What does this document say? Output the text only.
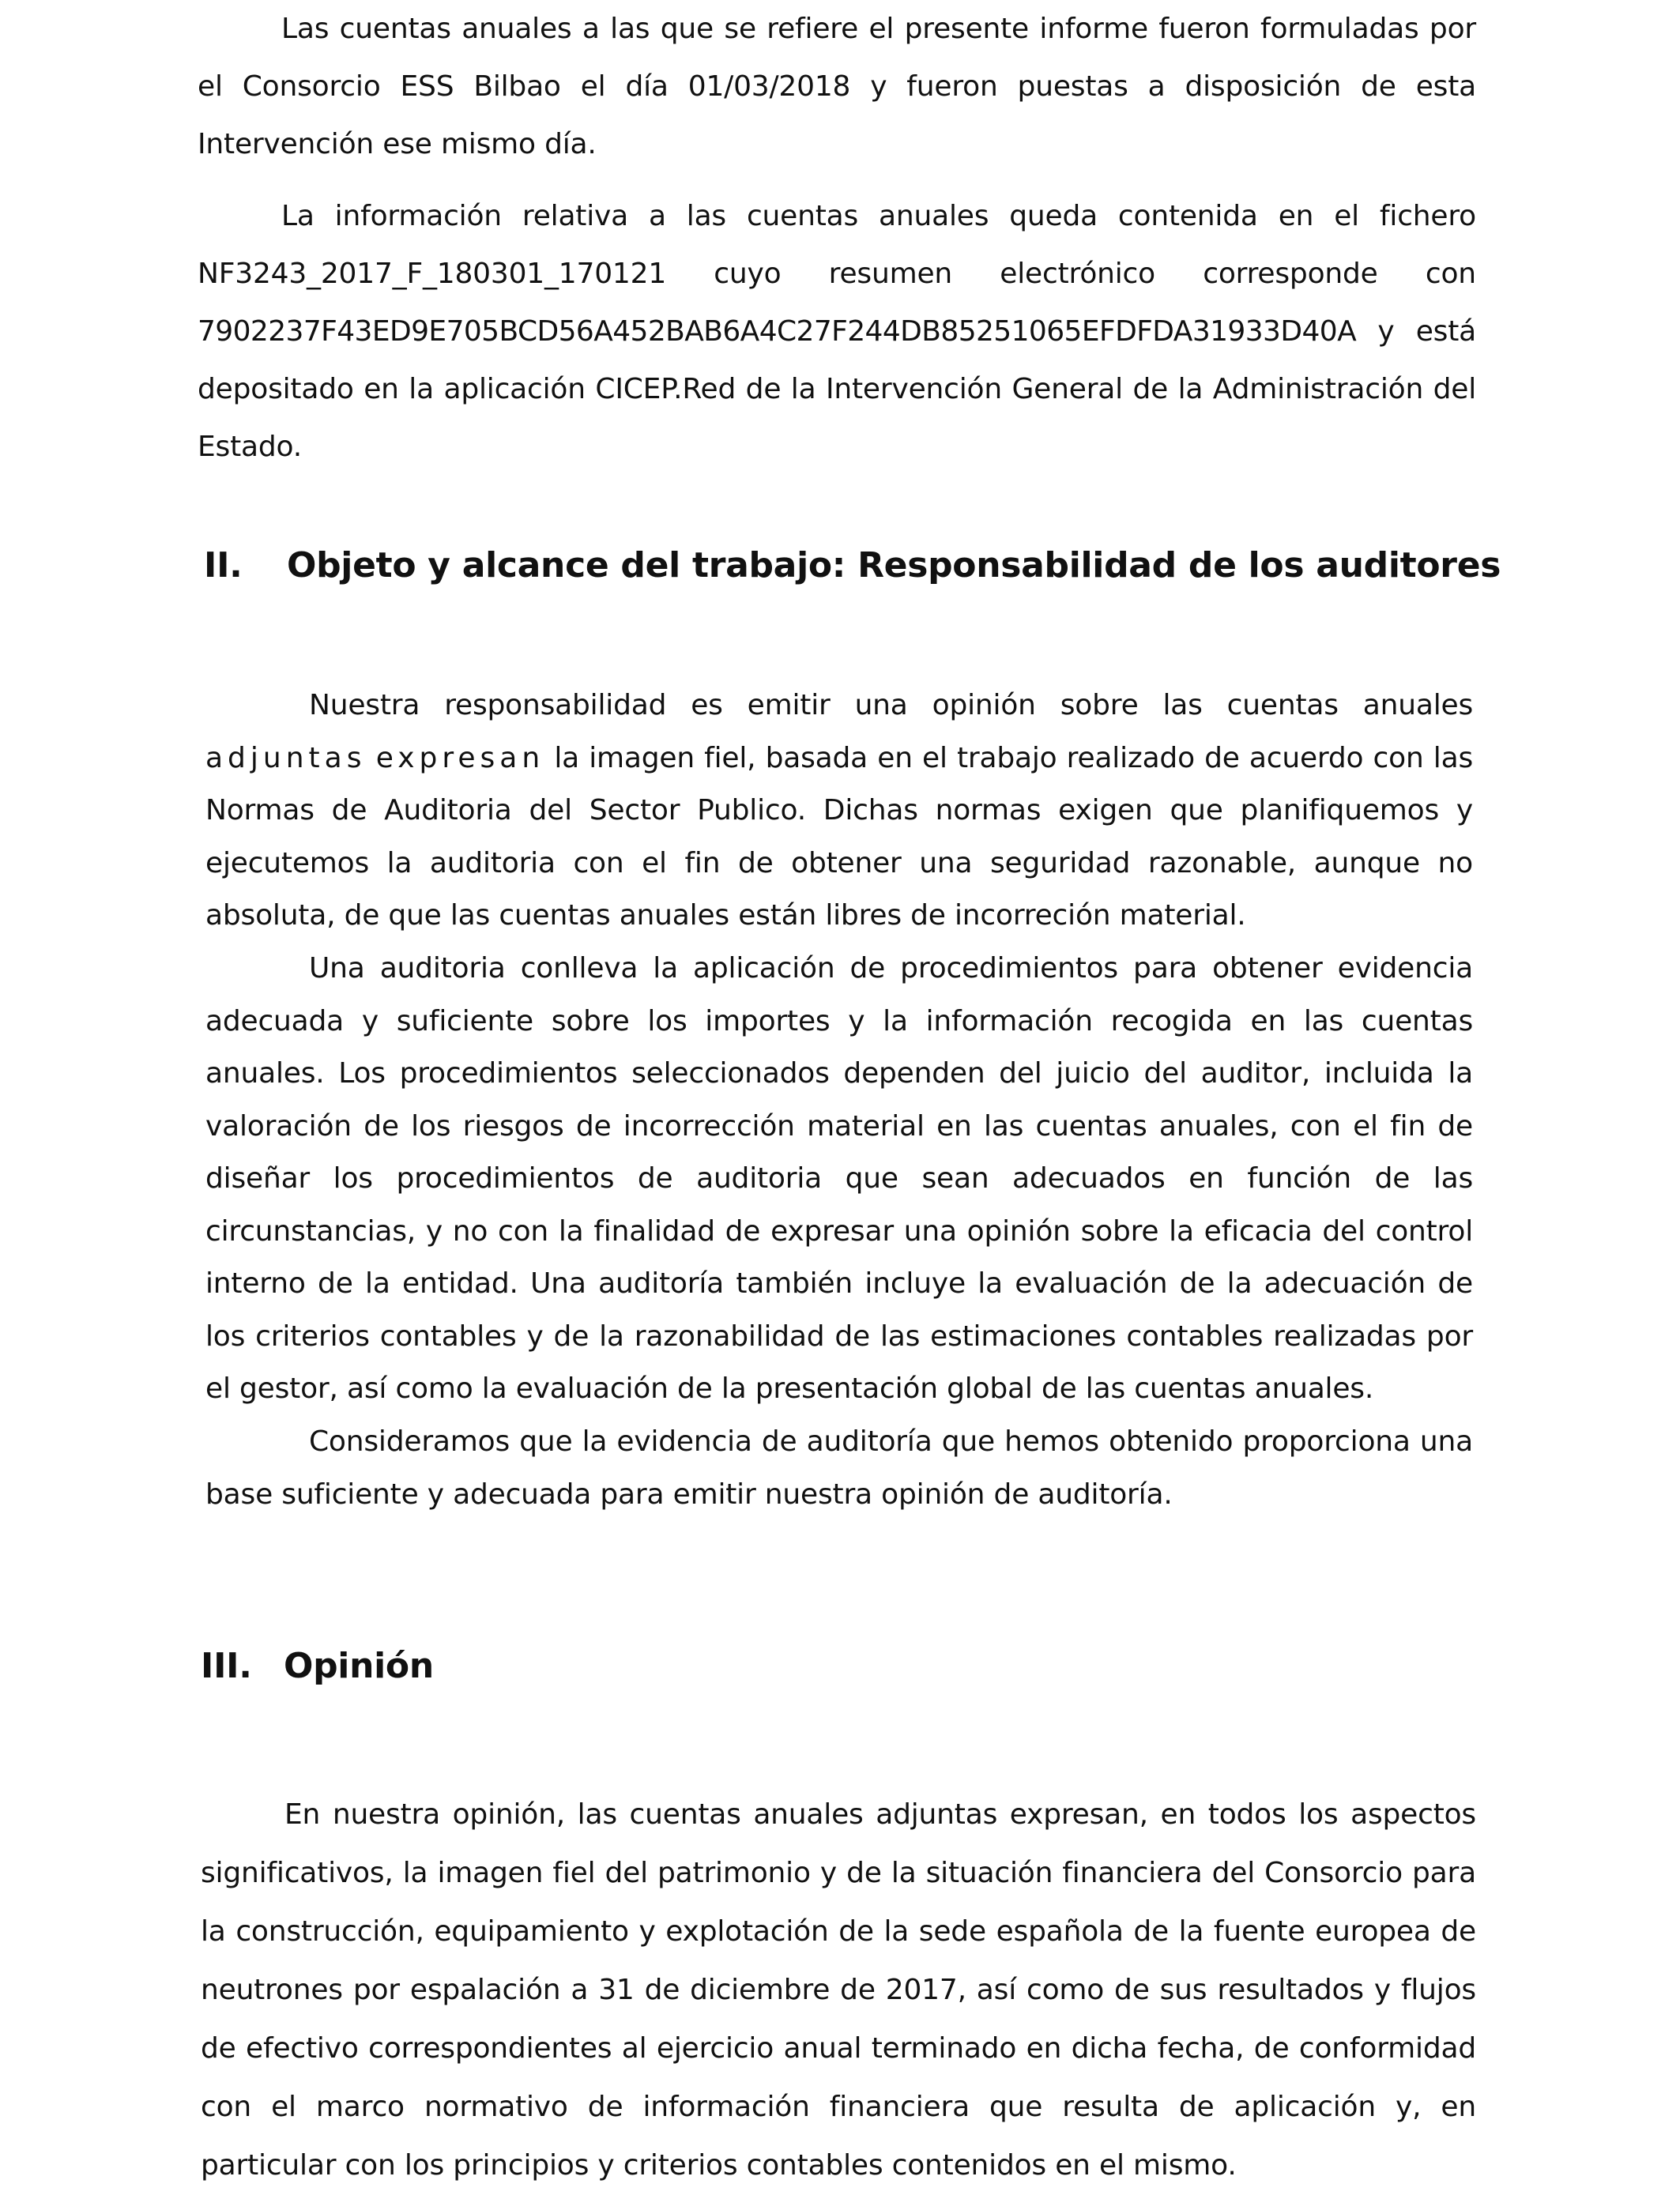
Las cuentas anuales a las que se refiere el presente informe fueron formuladas por el Consorcio ESS Bilbao el día 01/03/2018 y fueron puestas a disposición de esta Intervención ese mismo día.

La información relativa a las cuentas anuales queda contenida en el fichero
NF3243_2017_F_180301_170121 cuyo resumen electrónico corresponde con
7902237F43ED9E705BCD56A452BAB6A4C27F244DB85251065EFDFDA31933D40A y está
depositado en la aplicación CICEP.Red de la Intervención General de la Administración del Estado.
II. Objeto y alcance del trabajo: Responsabilidad de los auditores

Nuestra responsabilidad es emitir una opinión sobre las cuentas anuales adjuntas expresan la imagen fiel, basada en el trabajo realizado de acuerdo con las Normas de Auditoria del Sector Publico. Dichas normas exigen que planifiquemos y ejecutemos la auditoria con el fin de obtener una seguridad razonable, aunque no absoluta, de que las cuentas anuales están libres de incorreción material.

Una auditoria conlleva la aplicación de procedimientos para obtener evidencia adecuada y suficiente sobre los importes y la información recogida en las cuentas anuales. Los procedimientos seleccionados dependen del juicio del auditor, incluida la valoración de los riesgos de incorrección material en las cuentas anuales, con el fin de diseñar los procedimientos de auditoria que sean adecuados en función de las circunstancias, y no con la finalidad de expresar una opinión sobre la eficacia del control interno de la entidad. Una auditoría también incluye la evaluación de la adecuación de los criterios contables y de la razonabilidad de las estimaciones contables realizadas por el gestor, así como la evaluación de la presentación global de las cuentas anuales.

Consideramos que la evidencia de auditoría que hemos obtenido proporciona una base suficiente y adecuada para emitir nuestra opinión de auditoría.

III. Opinión

En nuestra opinión, las cuentas anuales adjuntas expresan, en todos los aspectos significativos, la imagen fiel del patrimonio y de la situación financiera del Consorcio para la construcción, equipamiento y explotación de la sede española de la fuente europea de neutrones por espalación a 31 de diciembre de 2017, así como de sus resultados y flujos de efectivo correspondientes al ejercicio anual terminado en dicha fecha, de conformidad con el marco normativo de información financiera que resulta de aplicación y, en particular con los principios y criterios contables contenidos en el mismo.
